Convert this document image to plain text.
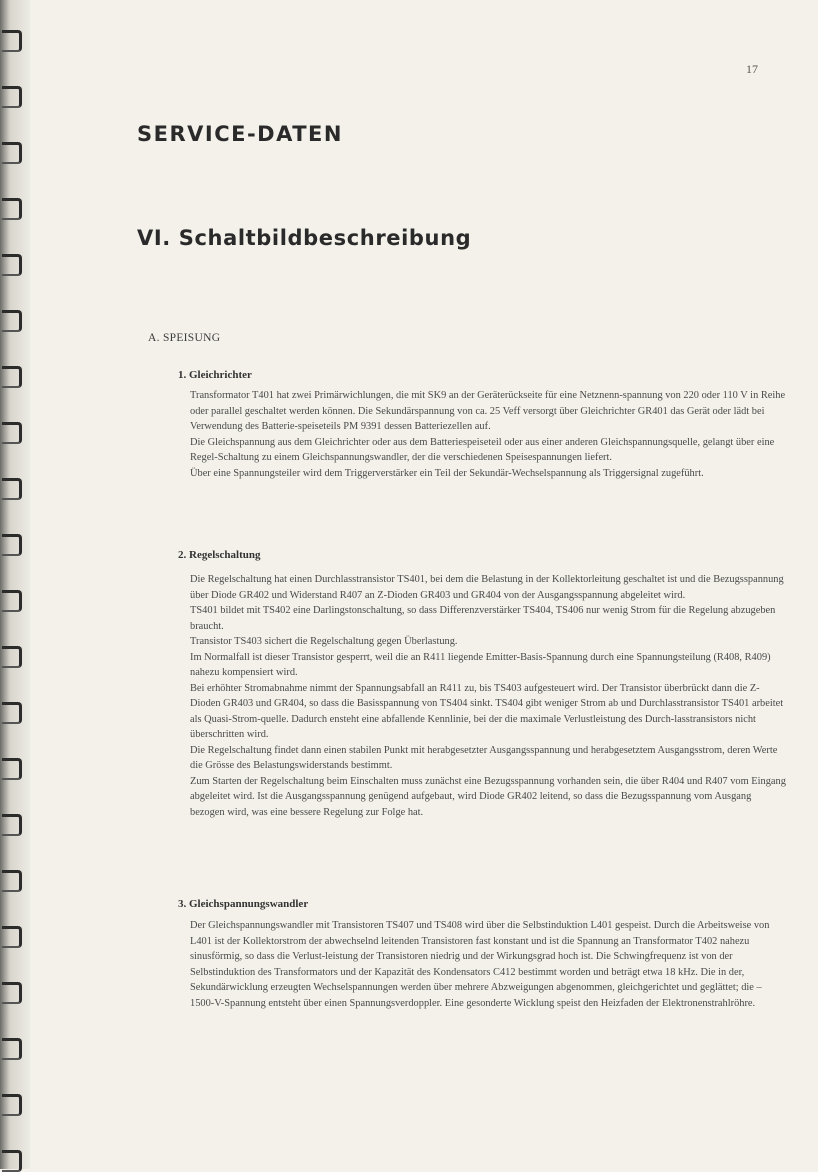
17
SERVICE-DATEN
VI. Schaltbildbeschreibung
A. SPEISUNG
1. Gleichrichter

Transformator T401 hat zwei Primärwichlungen, die mit SK9 an der Geräterückseite für eine Netznenn-spannung von 220 oder 110 V in Reihe oder parallel geschaltet werden können. Die Sekundärspannung von ca. 25 Veff versorgt über Gleichrichter GR401 das Gerät oder lädt bei Verwendung des Batterie-speiseteils PM 9391 dessen Batteriezellen auf.

Die Gleichspannung aus dem Gleichrichter oder aus dem Batteriespeiseteil oder aus einer anderen Gleichspannungsquelle, gelangt über eine Regel-Schaltung zu einem Gleichspannungswandler, der die verschiedenen Speisespannungen liefert.

Über eine Spannungsteiler wird dem Triggerverstärker ein Teil der Sekundär-Wechselspannung als Triggersignal zugeführt.

2. Regelschaltung

Die Regelschaltung hat einen Durchlasstransistor TS401, bei dem die Belastung in der Kollektorleitung geschaltet ist und die Bezugsspannung über Diode GR402 und Widerstand R407 an Z-Dioden GR403 und GR404 von der Ausgangsspannung abgeleitet wird.

TS401 bildet mit TS402 eine Darlingstonschaltung, so dass Differenzverstärker TS404, TS406 nur wenig Strom für die Regelung abzugeben braucht.

Transistor TS403 sichert die Regelschaltung gegen Überlastung.

Im Normalfall ist dieser Transistor gesperrt, weil die an R411 liegende Emitter-Basis-Spannung durch eine Spannungsteilung (R408, R409) nahezu kompensiert wird.

Bei erhöhter Stromabnahme nimmt der Spannungsabfall an R411 zu, bis TS403 aufgesteuert wird. Der Transistor überbrückt dann die Z-Dioden GR403 und GR404, so dass die Basisspannung von TS404 sinkt. TS404 gibt weniger Strom ab und Durchlasstransistor TS401 arbeitet als Quasi-Strom-quelle. Dadurch ensteht eine abfallende Kennlinie, bei der die maximale Verlustleistung des Durch-lasstransistors nicht überschritten wird.

Die Regelschaltung findet dann einen stabilen Punkt mit herabgesetzter Ausgangsspannung und herabgesetztem Ausgangsstrom, deren Werte die Grösse des Belastungswiderstands bestimmt.

Zum Starten der Regelschaltung beim Einschalten muss zunächst eine Bezugsspannung vorhanden sein, die über R404 und R407 vom Eingang abgeleitet wird. Ist die Ausgangsspannung genügend aufgebaut, wird Diode GR402 leitend, so dass die Bezugsspannung vom Ausgang bezogen wird, was eine bessere Regelung zur Folge hat.

3. Gleichspannungswandler

Der Gleichspannungswandler mit Transistoren TS407 und TS408 wird über die Selbstinduktion L401 gespeist. Durch die Arbeitsweise von L401 ist der Kollektorstrom der abwechselnd leitenden Transistoren fast konstant und ist die Spannung an Transformator T402 nahezu sinusförmig, so dass die Verlust-leistung der Transistoren niedrig und der Wirkungsgrad hoch ist. Die Schwingfrequenz ist von der Selbstinduktion des Transformators und der Kapazität des Kondensators C412 bestimmt worden und beträgt etwa 18 kHz. Die in der, Sekundärwicklung erzeugten Wechselspannungen werden über mehrere Abzweigungen abgenommen, gleichgerichtet und geglättet; die – 1500-V-Spannung entsteht über einen Spannungsverdoppler. Eine gesonderte Wicklung speist den Heizfaden der Elektronenstrahlröhre.
